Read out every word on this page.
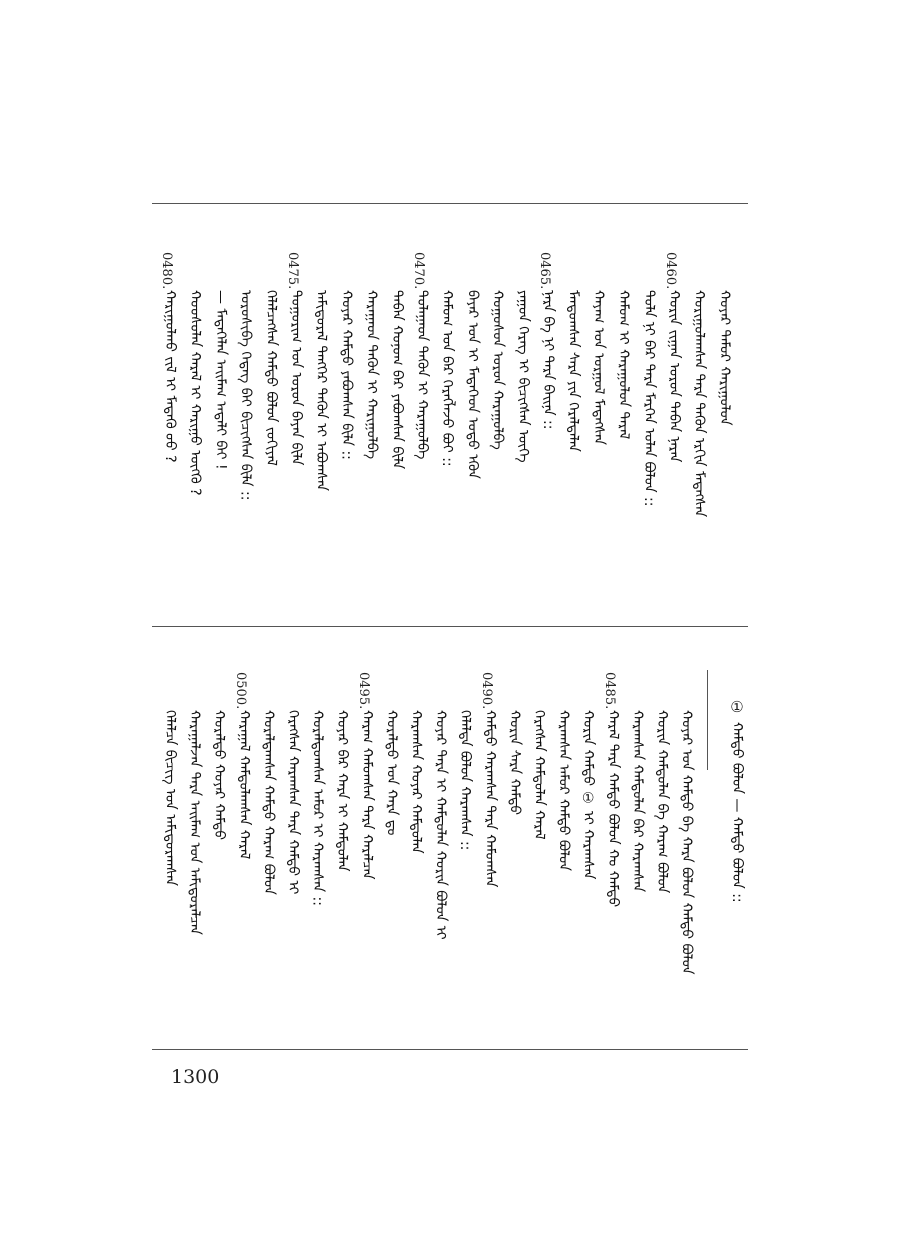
ᠬᠠᠷᠢᠭᠤᠯᠬᠤ ᠵᠢᠯ ᠢ ᠮᠡᠳᠡᠬᠦ ᠦᠦ ? ᠬᠤᠤᠰᠤᠯᠠᠨ ᠬᠠᠷᠠᠯ ᠢ ᠬᠠᠷᠢᠭᠤ ᠦᠭᠭᠦ ? — ᠮᠡᠳᠡᠭᠡᠯᠡᠨ ᠠᠢᠮᠠᠭ ᠠᠳᠠᠯᠢ ᠪᠠᠢ ! ᠣᠷᠣᠰᠢᠪᠠ ᠭᠡᠳᠡᠭ ᠪᠠᠢ ᠪᠢᠴᠢᠭᠰᠡᠨ ᠪᠢᠯᠡ :: ᠬᠡᠯᠡᠯᠴᠡᠭᠰᠡᠨ ᠬᠠᠮᠲᠤ ᠪᠤᠯᠤᠨ ᠵᠣᠬᠢᠶᠠᠯ ᠲᠤᠭᠤᠷᠢᠭ ᠤᠨ ᠣᠷᠣᠨ ᠪᠠᠶᠠᠨ ᠪᠢᠯᠡ ᠠᠮᠢᠳᠤᠷᠠᠯ ᠲᠡᠩᠭᠡᠷ ᠲᠡᠭᠦᠨ ᠢ ᠠᠪᠤᠭᠰᠠᠨ ᠬᠣᠶᠠᠷ ᠬᠠᠮᠲᠤ ᠶᠠᠪᠤᠭᠰᠠᠨ ᠪᠢᠯᠡ :: ᠬᠠᠷᠠᠭᠠᠳ ᠲᠡᠭᠦᠨ ᠢ ᠬᠠᠷᠢᠭᠤᠯᠪᠠ ᠲᠠᠪᠠᠨ ᠬᠣᠨᠤᠭ ᠪᠠᠷ ᠶᠠᠪᠤᠭᠰᠠᠨ ᠪᠢᠯᠡ ᠲᠤᠯᠠᠭᠠᠳ ᠲᠡᠭᠦᠨ ᠢ ᠬᠠᠷᠠᠭᠤᠯᠪᠠ ᠬᠠᠮᠤᠭ ᠤᠨ ᠪᠠᠷ ᠬᠡᠷᠡᠭᠯᠡᠵᠦ ᠪᠤᠢ :: ᠪᠠᠶᠠᠷ ᠤᠨ ᠢ ᠮᠡᠳᠡᠭᠡᠳ ᠣᠳᠣ ᠡᠭᠦᠨ ᠬᠣᠭᠣᠰᠤᠨ ᠣᠷᠣᠨ ᠬᠠᠷᠠᠭᠤᠯᠪᠠ ᠶᠠᠭᠤᠨ ᠬᠡᠷᠡᠭ ᠢ ᠪᠢᠴᠢᠭᠰᠡᠨ ᠦᠭᠡ ᠨᠡᠷᠡ ᠪᠡ ᠨᠢ ᠲᠡᠷᠡ ᠪᠠᠢᠨᠠ :: ᠮᠠᠨᠳᠤᠭᠰᠠᠨ ᠰᠠᠷᠠ ᠶᠢᠨ ᠭᠡᠷᠡᠯᠲᠡᠯᠡᠨ ᠬᠠᠶᠠᠭ ᠤᠨ ᠤᠷᠭᠤᠯ ᠮᠡᠳᠡᠭᠰᠡᠨ ᠬᠠᠮᠤᠭ ᠢ ᠬᠠᠷᠠᠭᠤᠯᠤᠨ ᠲᠡᠷᠡᠯ ᠲᠤᠯᠠ ᠨᠢ ᠪᠠᠷ ᠲᠡᠷᠡ ᠮᠡᠷᠭᠡᠨ ᠣᠯᠠᠨ ᠪᠣᠯᠤᠨ :: ᠬᠣᠷᠢᠨ ᠵᠢᠭᠠᠨ ᠣᠷᠣᠨ ᠲᠠᠪᠠᠨ ᠨᠠᠷᠠᠨ ᠬᠣᠷᠢᠭᠤᠯᠠᠭᠰᠠᠨ ᠲᠡᠷᠡ ᠲᠡᠭᠦᠨ ᠡᠷᠭᠢᠨ ᠮᠡᠳᠡᠭᠰᠡᠨ ᠬᠣᠶᠠᠷ ᠲᠡᠮᠦᠷ ᠬᠠᠷᠢᠭᠤᠯᠤᠨ
0480.	0475.	0470.	0465.	0460.
①
ᠬᠠᠮᠲᠤ ᠪᠣᠯᠤᠨ — ᠬᠠᠮᠲᠤ ᠪᠣᠯᠤᠨ ::
ᠬᠡᠯᠡᠯᠴᠡ ᠪᠢᠴᠢᠭ ᠤᠨ ᠠᠮᠢᠳᠤᠷᠠᠭᠰᠠᠨ ᠬᠠᠷᠠᠭᠠᠯᠵᠠᠨ ᠲᠡᠷᠡ ᠠᠢᠮᠠᠭ ᠤᠨ ᠠᠮᠢᠳᠤᠷᠠᠯᠴᠠᠨ ᠬᠤᠷᠠᠯᠳᠤ ᠬᠣᠶᠠᠷ ᠬᠠᠮᠲᠤ ᠬᠠᠷᠠᠭᠠᠯ ᠬᠠᠮᠲᠤᠯᠠᠭᠰᠠᠨ ᠬᠠᠷᠠᠯ ᠬᠤᠷᠠᠯᠳᠠᠭᠰᠠᠨ ᠬᠠᠮᠲᠤ ᠬᠠᠷᠠᠭ ᠪᠣᠯᠤᠨ ᠬᠡᠷᠡᠭᠰᠡᠨ ᠬᠠᠷᠠᠭᠰᠠᠨ ᠲᠡᠷᠡ ᠬᠠᠮᠲᠤ ᠢ ᠬᠤᠷᠠᠯᠳᠤᠭᠰᠠᠨ ᠠᠮᠤᠷ ᠢ ᠬᠠᠷᠠᠭᠰᠠᠨ :: ᠬᠣᠶᠠᠷ ᠪᠠᠷ ᠬᠠᠷᠠ ᠢ ᠬᠠᠮᠲᠤᠯᠠᠨ ᠬᠠᠷᠠᠭ ᠬᠠᠮᠤᠭᠰᠠᠨ ᠲᠡᠷᠡ ᠬᠠᠷᠠᠯᠴᠠᠨ ᠬᠤᠷᠠᠯᠳᠤ ᠤᠨ ᠬᠠᠷᠠ ᠳᠤ ᠬᠠᠷᠠᠭᠰᠠᠨ ᠬᠣᠶᠠᠷ ᠬᠠᠮᠲᠤᠯᠠᠨ ᠬᠣᠶᠠᠷ ᠲᠡᠷᠡ ᠢ ᠬᠠᠮᠲᠤᠯᠠᠨ ᠬᠣᠷᠢᠨ ᠪᠣᠯᠤᠨ ᠢ ᠬᠡᠯᠡᠯᠲᠡ ᠪᠣᠯᠤᠨ ᠬᠠᠷᠠᠭᠰᠠᠨ :: ᠬᠠᠮᠲᠤ ᠬᠠᠷᠠᠭᠰᠠᠨ ᠲᠡᠷᠡ ᠬᠠᠮᠤᠭᠰᠠᠨ ᠬᠣᠷᠢᠨ ᠰᠠᠷᠠ ᠬᠠᠮᠲᠤ ᠬᠡᠷᠡᠭᠰᠡᠨ ᠬᠠᠮᠲᠤᠯᠠᠨ ᠬᠠᠷᠠᠯ ᠬᠠᠷᠠᠭᠰᠠᠨ ᠠᠮᠤᠷ ᠬᠠᠮᠲᠤ ᠪᠣᠯᠤᠨ ᠬᠣᠷᠢᠨ ᠬᠠᠮᠲᠤ ① ᠢ ᠬᠠᠷᠠᠭᠰᠠᠨ ᠬᠠᠷᠠᠯ ᠲᠡᠷᠡ ᠬᠠᠮᠲᠤ ᠪᠣᠯᠤᠨ ᠬᠤ ᠬᠠᠮᠲᠤ ᠬᠠᠷᠠᠭᠰᠠᠨ ᠬᠠᠮᠲᠤᠯᠠᠨ ᠪᠠᠷ ᠬᠠᠷᠠᠭᠰᠠᠨ ᠬᠣᠷᠢᠨ ᠬᠠᠮᠲᠤᠯᠠᠨ ᠪᠡ ᠬᠠᠷᠠᠭ ᠪᠣᠯᠤᠨ ᠬᠣᠶᠠᠷ ᠤᠨ ᠬᠠᠮᠲᠤ ᠪᠡ ᠬᠠᠷᠠ ᠪᠣᠯᠤᠨ ᠬᠠᠮᠲᠤ ᠪᠣᠯᠤᠨ
0500.	0495.	0490.	0485.
1300
